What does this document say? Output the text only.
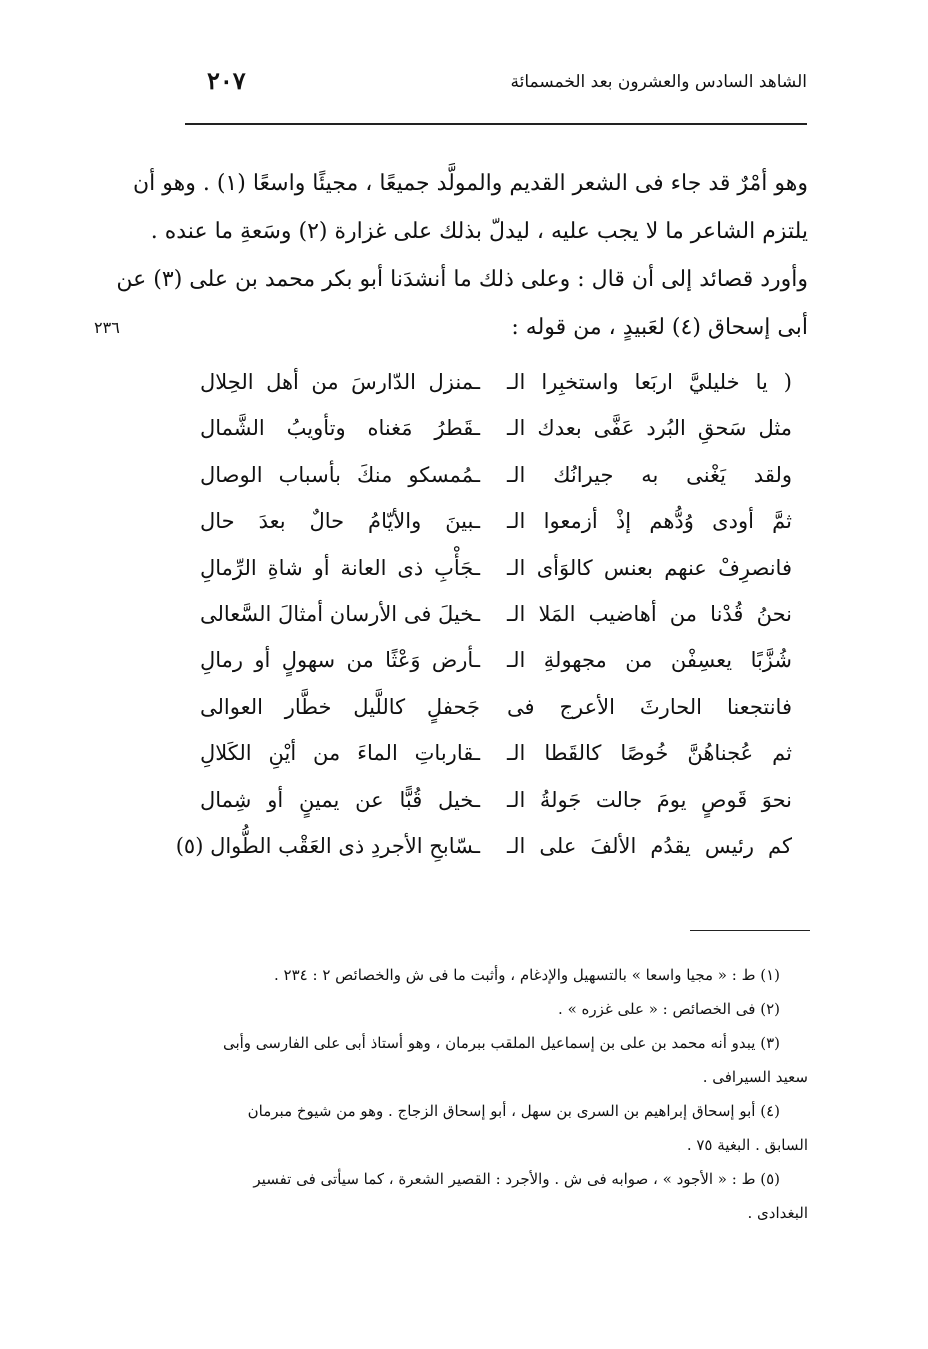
الشاهد السادس والعشرون بعد الخمسمائة
٢٠٧
٢٣٦

وهو أمْرٌ قد جاء فى الشعر القديم والمولَّد جميعًا ، مجيئًا واسعًا (١) . وهو أن

يلتزم الشاعر ما لا يجب عليه ، ليدلّ بذلك على غزارة (٢) وسَعةِ ما عنده .

وأورد قصائد إلى أن قال : وعلى ذلك ما أنشدَنا أبو بكر محمد بن على (٣) عن

أبى إسحاق (٤) لعَبيدٍ ، من قوله :

( يا خليليَّ اربَعا واستخبِرا الـ
ـمنزل الدّارسَ من أهل الحِلال
مثل سَحقِ البُرد عَفَّى بعدك الـ
ـقَطرُ مَغناه وتأويبُ الشَّمال
ولقد يَغْنى به جيرانُك الـ
ـمُمسكو منكَ بأسباب الوصال
ثمَّ أودى وُدُّهم إذْ أزمعوا الـ
ـبينَ والأيّامُ حالٌ بعدَ حال
فانصرِفْ عنهم بعنس كالوَأى الـ
ـجَأْبِ ذى العانة أو شاةِ الرِّمالِ
نحنُ قُدْنا من أهاضيب المَلا الـ
ـخيلَ فى الأرسان أمثالَ السَّعالى
شُزَّبًا يعسِفْن من مجهولةِ الـ
ـأرض وَعْثًا من سهولٍ أو رمالِ
فانتجعنا الحارثَ الأعرج فى
جَحفلٍ كاللَّيل خطَّار العوالى
ثم عُجناهُنَّ خُوصًا كالقَطا الـ
ـقارباتِ الماءَ من أيْنِ الكَلالِ
نحوَ قَوصٍ يومَ جالت جَولةُ الـ
ـخيل قُبًّا عن يمينٍ أو شِمال
كم رئيس يقدُم الألفَ على الـ
ـسّابحِ الأجردِ ذى العَقْب الطُّوال (٥)

(١) ط : « مجيا واسعا » بالتسهيل والإدغام ، وأثبت ما فى ش والخصائص ٢ : ٢٣٤ .

(٢) فى الخصائص : « على غزره » .

(٣) يبدو أنه محمد بن على بن إسماعيل الملقب ببرمان ، وهو أستاذ أبى على الفارسى وأبى
سعيد السيرافى .

(٤) أبو إسحاق إبراهيم بن السرى بن سهل ، أبو إسحاق الزجاج . وهو من شيوخ مبرمان
السابق . البغية ٧٥ .

(٥) ط : « الأجود » ، صوابه فى ش . والأجرد : القصير الشعرة ، كما سيأتى فى تفسير
البغدادى .
